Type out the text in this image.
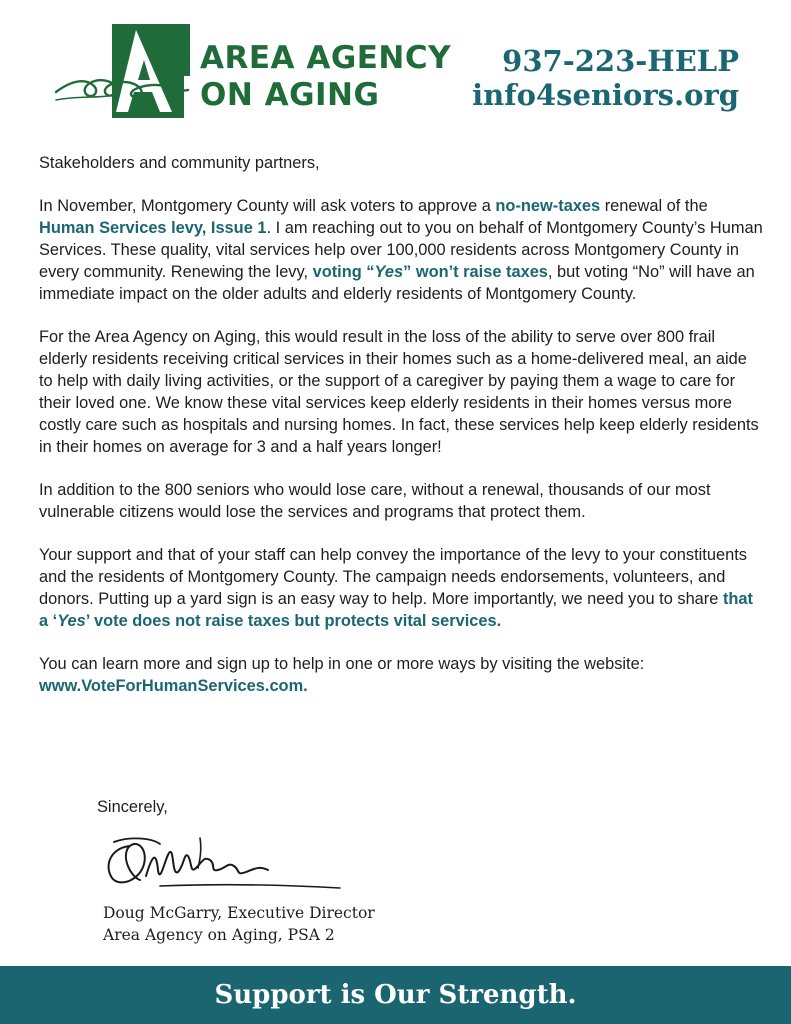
AREA AGENCY
ON AGING
937-223-HELP
info4seniors.org

Stakeholders and community partners,

In November, Montgomery County will ask voters to approve a no-new-taxes renewal of the Human Services levy, Issue 1. I am reaching out to you on behalf of Montgomery County’s Human Services. These quality, vital services help over 100,000 residents across Montgomery County in every community. Renewing the levy, voting “Yes” won’t raise taxes, but voting “No” will have an immediate impact on the older adults and elderly residents of Montgomery County.

For the Area Agency on Aging, this would result in the loss of the ability to serve over 800 frail elderly residents receiving critical services in their homes such as a home-delivered meal, an aide to help with daily living activities, or the support of a caregiver by paying them a wage to care for their loved one. We know these vital services keep elderly residents in their homes versus more costly care such as hospitals and nursing homes. In fact, these services help keep elderly residents in their homes on average for 3 and a half years longer!

In addition to the 800 seniors who would lose care, without a renewal, thousands of our most vulnerable citizens would lose the services and programs that protect them.

Your support and that of your staff can help convey the importance of the levy to your constituents and the residents of Montgomery County. The campaign needs endorsements, volunteers, and donors. Putting up a yard sign is an easy way to help. More importantly, we need you to share that a ‘Yes’ vote does not raise taxes but protects vital services.

You can learn more and sign up to help in one or more ways by visiting the website:
www.VoteForHumanServices.com.

Sincerely,
Doug McGarry, Executive Director
Area Agency on Aging, PSA 2
Support is Our Strength.
